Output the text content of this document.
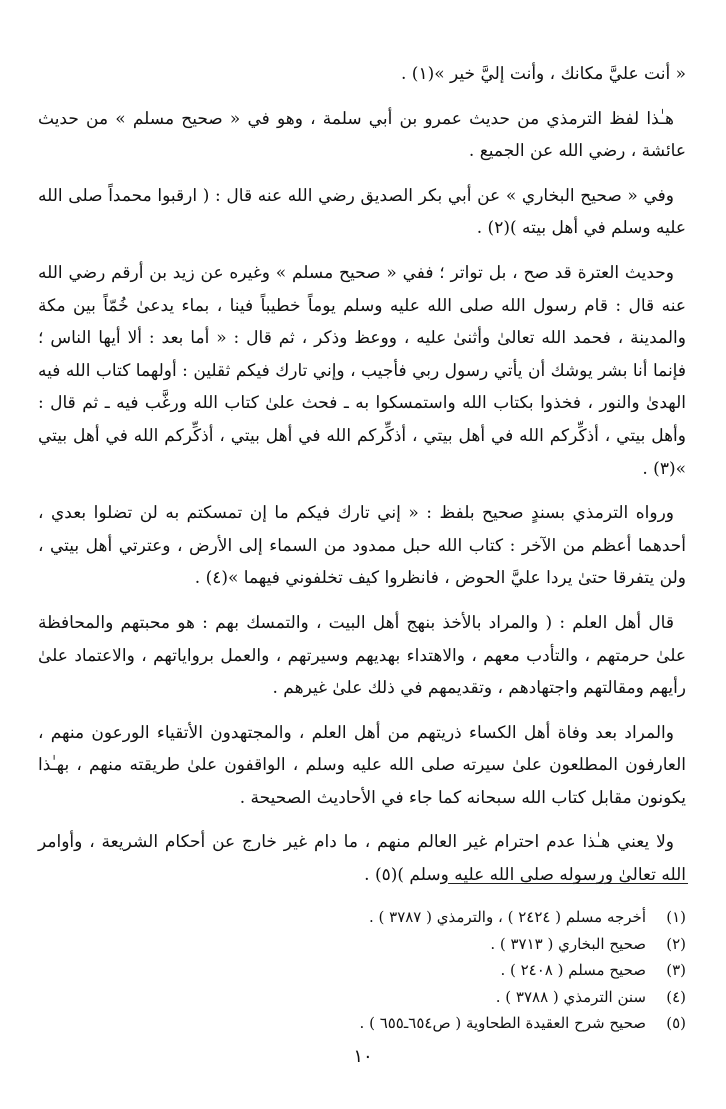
« أنت عليَّ مكانك ، وأنت إليَّ خير »(١) .

هـٰذا لفظ الترمذي من حديث عمرو بن أبي سلمة ، وهو في « صحيح مسلم » من حديث عائشة ، رضي الله عن الجميع .

وفي « صحيح البخاري » عن أبي بكر الصديق رضي الله عنه قال : ( ارقبوا محمداً صلى الله عليه وسلم في أهل بيته )(٢) .

وحديث العترة قد صح ، بل تواتر ؛ ففي « صحيح مسلم » وغيره عن زيد بن أرقم رضي الله عنه قال : قام رسول الله صلى الله عليه وسلم يوماً خطيباً فينا ، بماء يدعىٰ خُمّاً بين مكة والمدينة ، فحمد الله تعالىٰ وأثنىٰ عليه ، ووعظ وذكر ، ثم قال : « أما بعد : ألا أيها الناس ؛ فإنما أنا بشر يوشك أن يأتي رسول ربي فأجيب ، وإني تارك فيكم ثقلين : أولهما كتاب الله فيه الهدىٰ والنور ، فخذوا بكتاب الله واستمسكوا به ـ فحث علىٰ كتاب الله ورغَّب فيه ـ ثم قال : وأهل بيتي ، أذكِّركم الله في أهل بيتي ، أذكِّركم الله في أهل بيتي ، أذكِّركم الله في أهل بيتي »(٣) .

ورواه الترمذي بسندٍ صحيح بلفظ : « إني تارك فيكم ما إن تمسكتم به لن تضلوا بعدي ، أحدهما أعظم من الآخر : كتاب الله حبل ممدود من السماء إلى الأرض ، وعترتي أهل بيتي ، ولن يتفرقا حتىٰ يردا عليَّ الحوض ، فانظروا كيف تخلفوني فيهما »(٤) .

قال أهل العلم : ( والمراد بالأخذ بنهج أهل البيت ، والتمسك بهم : هو محبتهم والمحافظة علىٰ حرمتهم ، والتأدب معهم ، والاهتداء بهديهم وسيرتهم ، والعمل برواياتهم ، والاعتماد علىٰ رأيهم ومقالتهم واجتهادهم ، وتقديمهم في ذلك علىٰ غيرهم .

والمراد بعد وفاة أهل الكساء ذريتهم من أهل العلم ، والمجتهدون الأتقياء الورعون منهم ، العارفون المطلعون علىٰ سيرته صلى الله عليه وسلم ، الواقفون علىٰ طريقته منهم ، بهـٰذا يكونون مقابل كتاب الله سبحانه كما جاء في الأحاديث الصحيحة .

ولا يعني هـٰذا عدم احترام غير العالم منهم ، ما دام غير خارج عن أحكام الشريعة ، وأوامر الله تعالىٰ ورسوله صلى الله عليه وسلم )(٥) .

(١)
أخرجه مسلم ( ٢٤٢٤ ) ، والترمذي ( ٣٧٨٧ ) .
(٢)
صحيح البخاري ( ٣٧١٣ ) .
(٣)
صحيح مسلم ( ٢٤٠٨ ) .
(٤)
سنن الترمذي ( ٣٧٨٨ ) .
(٥)
صحيح شرح العقيدة الطحاوية ( ص٦٥٤ـ٦٥٥ ) .
١٠
